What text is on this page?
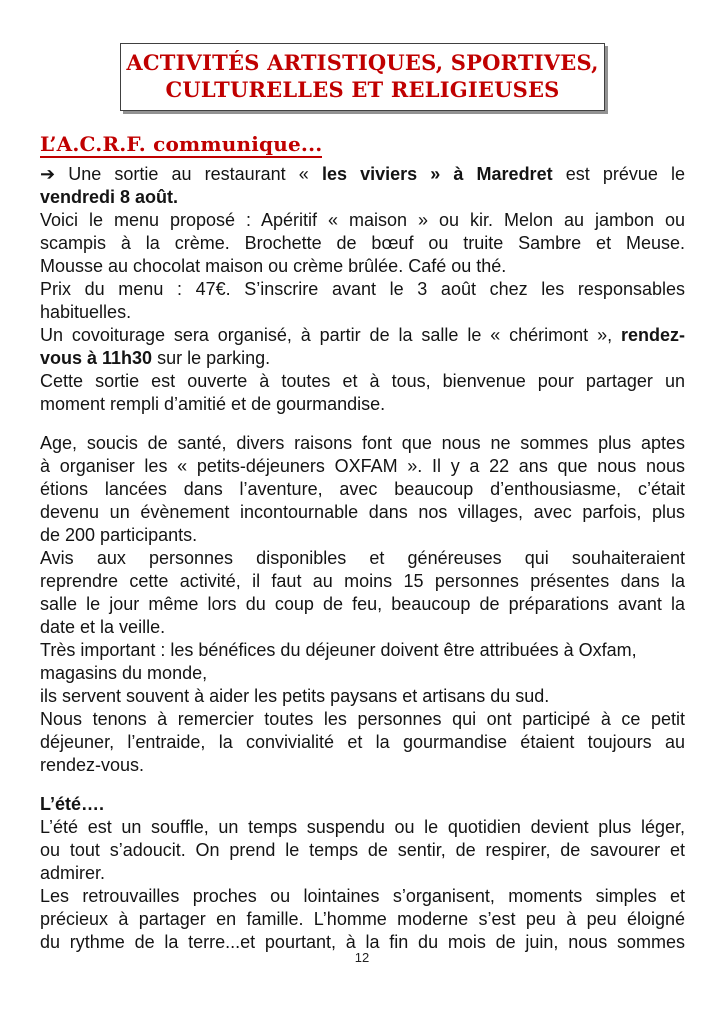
ACTIVITÉS ARTISTIQUES, SPORTIVES,
CULTURELLES ET RELIGIEUSES
L’A.C.R.F. communique...
➔ Une sortie au restaurant « les viviers » à Maredret est prévue le
vendredi 8 août.
Voici le menu proposé : Apéritif « maison » ou kir. Melon au jambon ou
scampis à la crème. Brochette de bœuf ou truite Sambre et Meuse.
Mousse au chocolat maison ou crème brûlée. Café ou thé.
Prix du menu : 47€. S’inscrire avant le 3 août chez les responsables
habituelles.
Un covoiturage sera organisé, à partir de la salle le « chérimont », rendez-
vous à 11h30 sur le parking.
Cette sortie est ouverte à toutes et à tous, bienvenue pour partager un
moment rempli d’amitié et de gourmandise.
Age, soucis de santé, divers raisons font que nous ne sommes plus aptes
à organiser les « petits-déjeuners OXFAM ». Il y a 22 ans que nous nous
étions lancées dans l’aventure, avec beaucoup d’enthousiasme, c’était
devenu un évènement incontournable dans nos villages, avec parfois, plus
de 200 participants.
Avis aux personnes disponibles et généreuses qui souhaiteraient
reprendre cette activité, il faut au moins 15 personnes présentes dans la
salle le jour même lors du coup de feu, beaucoup de préparations avant la
date et la veille.
Très important : les bénéfices du déjeuner doivent être attribuées à Oxfam,
magasins du monde,
ils servent souvent à aider les petits paysans et artisans du sud.
Nous tenons à remercier toutes les personnes qui ont participé à ce petit
déjeuner, l’entraide, la convivialité et la gourmandise étaient toujours au
rendez-vous.
L’été….
L’été est un souffle, un temps suspendu ou le quotidien devient plus léger,
ou tout s’adoucit. On prend le temps de sentir, de respirer, de savourer et
admirer.
Les retrouvailles proches ou lointaines s’organisent, moments simples et
précieux à partager en famille. L’homme moderne s’est peu à peu éloigné
du rythme de la terre...et pourtant, à la fin du mois de juin, nous sommes
12
